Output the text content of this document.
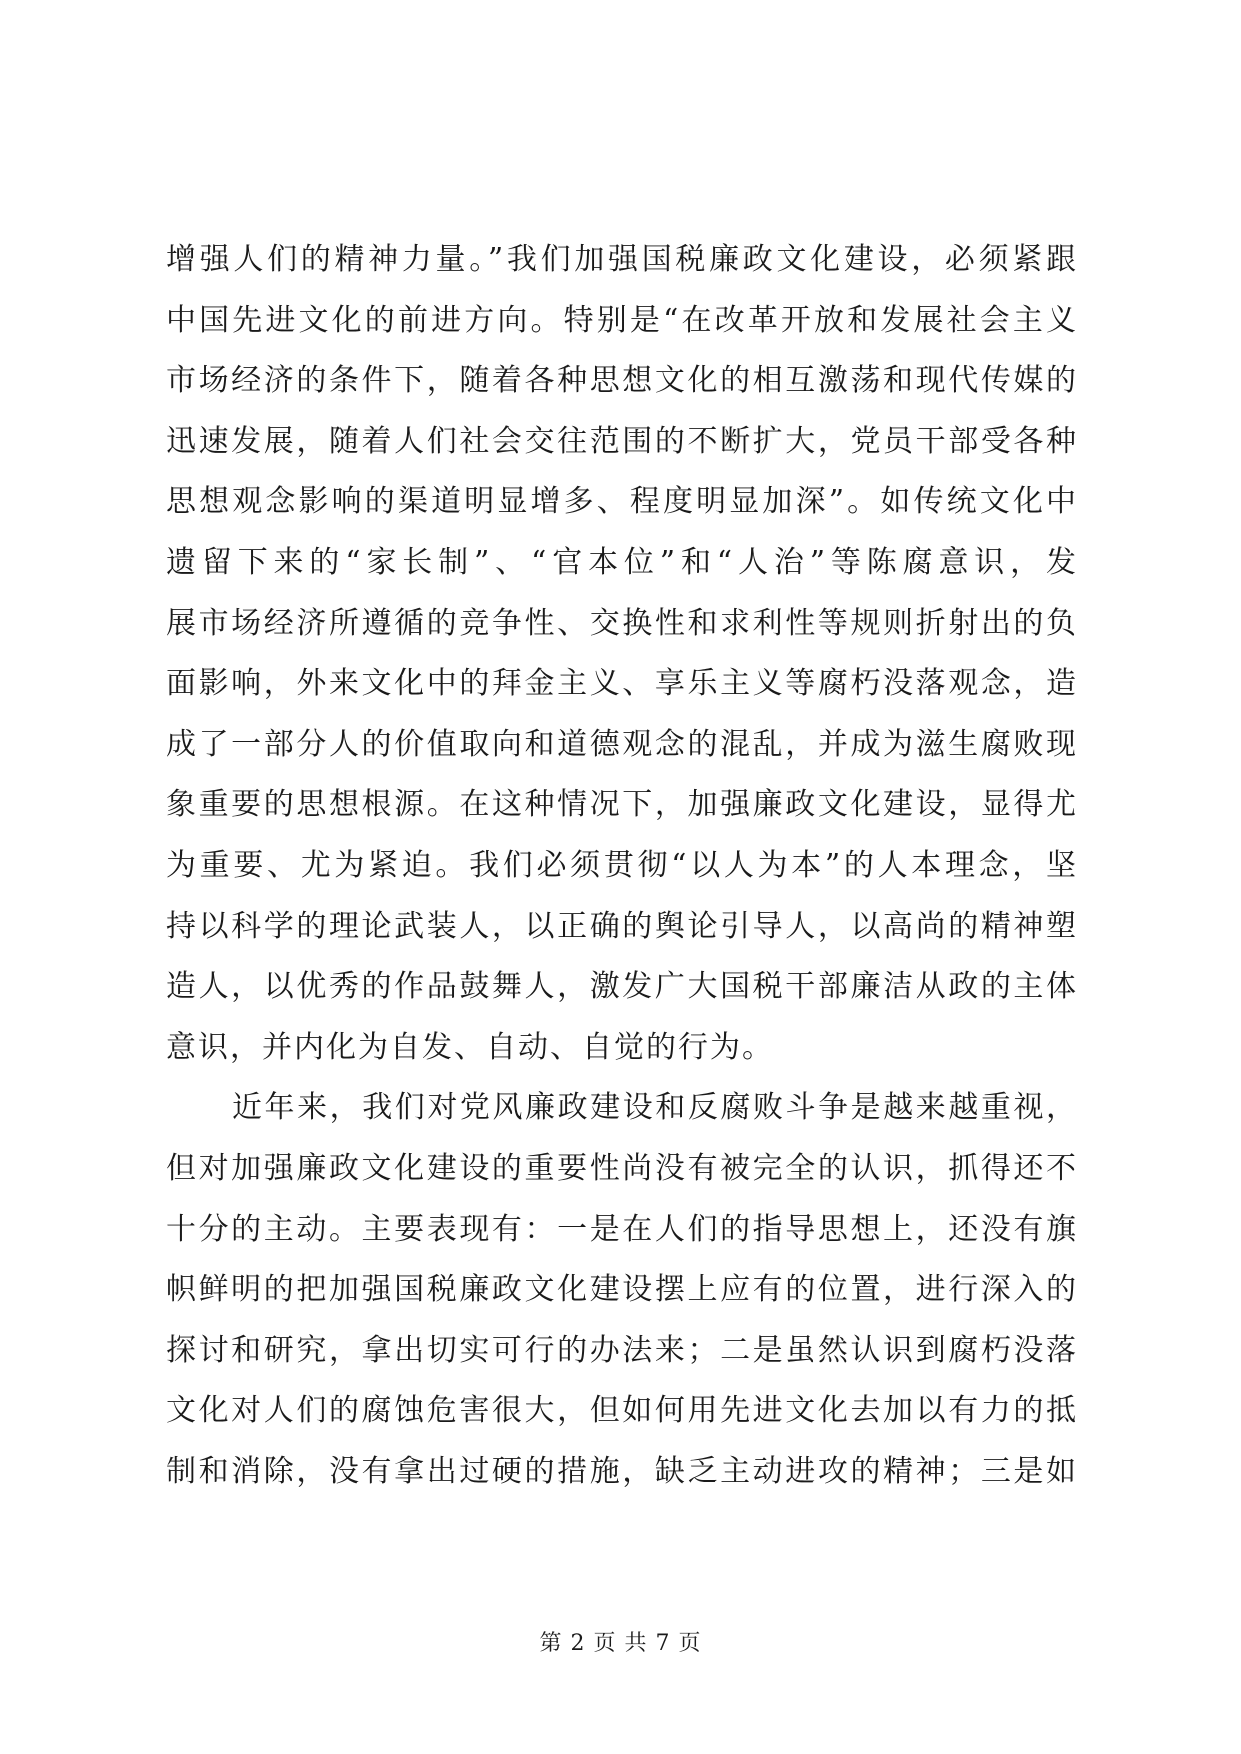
增强人们的精神力量。”我们加强国税廉政文化建设，必须紧跟
中国先进文化的前进方向。特别是“在改革开放和发展社会主义
市场经济的条件下，随着各种思想文化的相互激荡和现代传媒的
迅速发展，随着人们社会交往范围的不断扩大，党员干部受各种
思想观念影响的渠道明显增多、程度明显加深”。如传统文化中
遗留下来的“家长制”、“官本位”和“人治”等陈腐意识，发
展市场经济所遵循的竞争性、交换性和求利性等规则折射出的负
面影响，外来文化中的拜金主义、享乐主义等腐朽没落观念，造
成了一部分人的价值取向和道德观念的混乱，并成为滋生腐败现
象重要的思想根源。在这种情况下，加强廉政文化建设，显得尤
为重要、尤为紧迫。我们必须贯彻“以人为本”的人本理念，坚
持以科学的理论武装人，以正确的舆论引导人，以高尚的精神塑
造人，以优秀的作品鼓舞人，激发广大国税干部廉洁从政的主体
意识，并内化为自发、自动、自觉的行为。
近年来，我们对党风廉政建设和反腐败斗争是越来越重视，
但对加强廉政文化建设的重要性尚没有被完全的认识，抓得还不
十分的主动。主要表现有：一是在人们的指导思想上，还没有旗
帜鲜明的把加强国税廉政文化建设摆上应有的位置，进行深入的
探讨和研究，拿出切实可行的办法来；二是虽然认识到腐朽没落
文化对人们的腐蚀危害很大，但如何用先进文化去加以有力的抵
制和消除，没有拿出过硬的措施，缺乏主动进攻的精神；三是如
第 2 页 共 7 页
